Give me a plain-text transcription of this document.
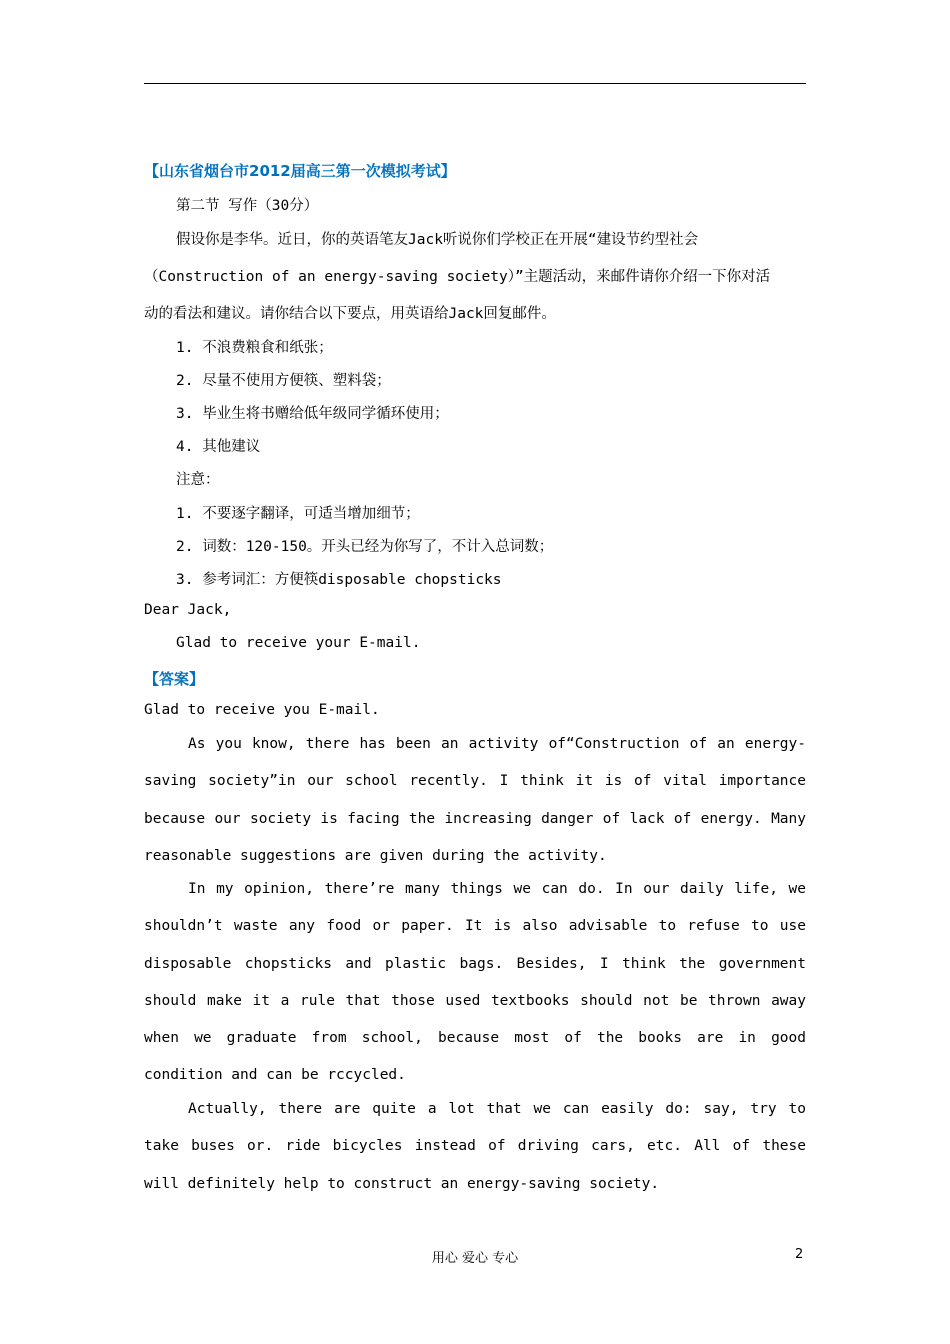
【山东省烟台市2012届高三第一次模拟考试】
第二节 写作（30分）
假设你是李华。近日，你的英语笔友Jack听说你们学校正在开展“建设节约型社会
（Construction of an energy-saving society）”主题活动，来邮件请你介绍一下你对活
动的看法和建议。请你结合以下要点，用英语给Jack回复邮件。
1. 不浪费粮食和纸张；
2. 尽量不使用方便筷、塑料袋；
3. 毕业生将书赠给低年级同学循环使用；
4. 其他建议
注意：
1. 不要逐字翻译，可适当增加细节；
2. 词数：120-150。开头已经为你写了，不计入总词数；
3. 参考词汇：方便筷disposable chopsticks
Dear Jack,
Glad to receive your E-mail.
【答案】
Glad to receive you E-mail.
As you know, there has been an activity of“Construction of an energy-saving society”in our school recently. I think it is of vital importance because our society is facing the increasing danger of lack of energy. Many reasonable suggestions are given during the activity.
In my opinion, there’re many things we can do. In our daily life, we shouldn’t waste any food or paper. It is also advisable to refuse to use disposable chopsticks and plastic bags. Besides, I think the government should make it a rule that those used textbooks should not be thrown away when we graduate from school, because most of the books are in good condition and can be rccycled.
Actually, there are quite a lot that we can easily do: say, try to take buses or. ride bicycles instead of driving cars, etc. All of these will definitely help to construct an energy-saving society.
用心 爱心 专心	2
